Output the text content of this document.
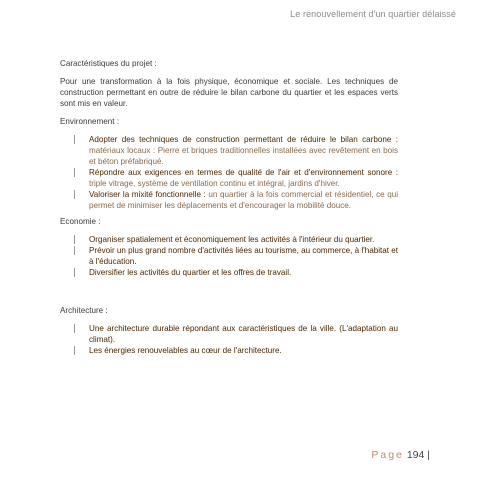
Le renouvellement d'un quartier délaissé
Caractéristiques du projet :

Pour une transformation à la fois physique, économique et sociale. Les techniques de construction permettant en outre de réduire le bilan carbone du quartier et les espaces verts sont mis en valeur.

Environnement :
Adopter des techniques de construction permettant de réduire le bilan carbone : matériaux locaux : Pierre et briques traditionnelles installées avec revêtement en bois et béton préfabriqué.
Répondre aux exigences en termes de qualité de l'air et d'environnement sonore : triple vitrage, système de ventilation continu et intégral, jardins d'hiver.
Valoriser la mixité fonctionnelle : un quartier à la fois commercial et résidentiel, ce qui permet de minimiser les déplacements et d'encourager la mobilité douce.
Economie :
Organiser spatialement et économiquement les activités à l'intérieur du quartier.
Prévoir un plus grand nombre d'activités liées au tourisme, au commerce, à l'habitat et à l'éducation.
Diversifier les activités du quartier et les offres de travail.
Architecture :
Une architecture durable répondant aux caractéristiques de la ville. (L'adaptation au climat).
Les énergies renouvelables au cœur de l'architecture.
Page 194 |
